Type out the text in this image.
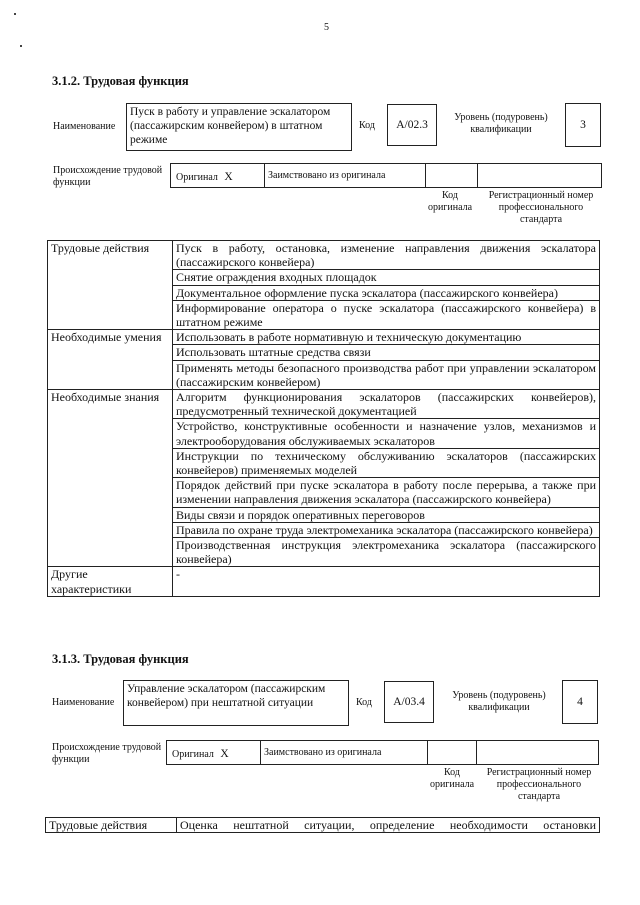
5
3.1.2. Трудовая функция
Наименование
Пуск в работу и управление эскалатором (пассажирским конвейером) в штатном режиме
Код	А/02.3
Уровень (подуровень) квалификации	3
Происхождение трудовой функции	Оригинал Х	Заимствовано из оригинала
Код оригинала
Регистрационный номер профессионального стандарта
Трудовые действия	Пуск в работу, остановка, изменение направления движения эскалатора (пассажирского конвейера)
	Снятие ограждения входных площадок
	Документальное оформление пуска эскалатора (пассажирского конвейера)
	Информирование оператора о пуске эскалатора (пассажирского конвейера) в штатном режиме
Необходимые умения	Использовать в работе нормативную и техническую документацию
	Использовать штатные средства связи
	Применять методы безопасного производства работ при управлении эскалатором (пассажирским конвейером)
Необходимые знания	Алгоритм функционирования эскалаторов (пассажирских конвейеров), предусмотренный технической документацией
	Устройство, конструктивные особенности и назначение узлов, механизмов и электрооборудования обслуживаемых эскалаторов
	Инструкции по техническому обслуживанию эскалаторов (пассажирских конвейеров) применяемых моделей
	Порядок действий при пуске эскалатора в работу после перерыва, а также при изменении направления движения эскалатора (пассажирского конвейера)
	Виды связи и порядок оперативных переговоров
	Правила по охране труда электромеханика эскалатора (пассажирского конвейера)
	Производственная инструкция электромеханика эскалатора (пассажирского конвейера)
Другие характеристики	-
3.1.3. Трудовая функция
Наименование
Управление эскалатором (пассажирским конвейером) при нештатной ситуации	Код	А/03.4
Уровень (подуровень) квалификации	4
Происхождение трудовой функции	Оригинал Х	Заимствовано из оригинала
Код оригинала
Регистрационный номер профессионального стандарта
Трудовые действия	Оценка нештатной ситуации, определение необходимости остановки
